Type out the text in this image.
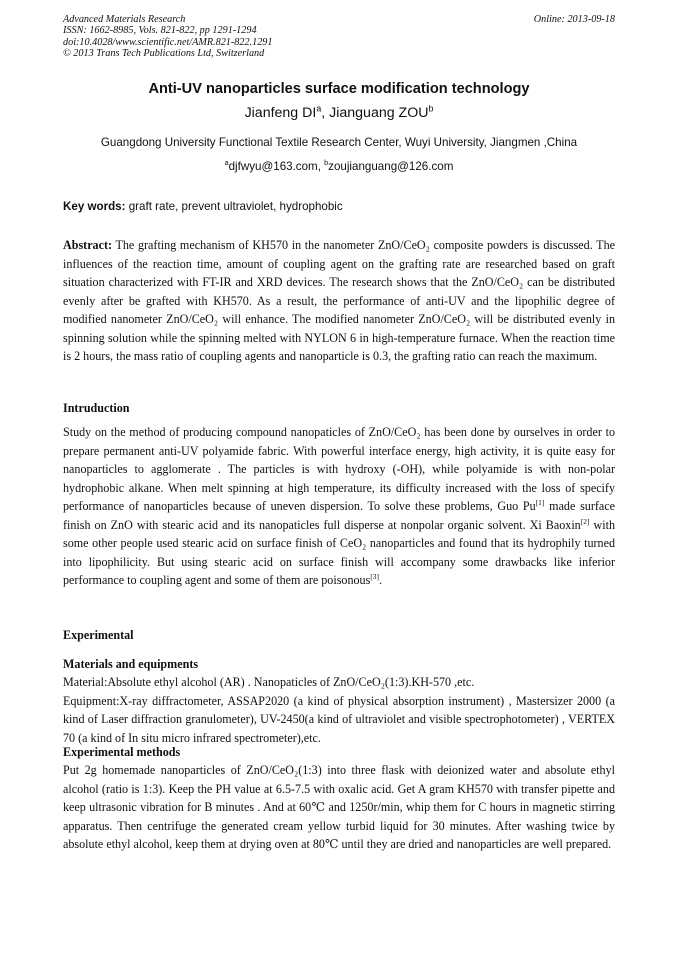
Advanced Materials Research
ISSN: 1662-8985, Vols. 821-822, pp 1291-1294
doi:10.4028/www.scientific.net/AMR.821-822.1291
© 2013 Trans Tech Publications Ltd, Switzerland
Online: 2013-09-18
Anti-UV nanoparticles surface modification technology
Jianfeng $DI^a$, Jianguang ZOU$^b$
Guangdong University Functional Textile Research Center, Wuyi University, Jiangmen ,China
$^a$djfwyu@163.com, $^b$zoujianguang@126.com
Key words: graft rate, prevent ultraviolet, hydrophobic

Abstract: The grafting mechanism of KH570 in the nanometer ZnO/CeO₂ composite powders is discussed. The influences of the reaction time, amount of coupling agent on the grafting rate are researched based on graft situation characterized with FT-IR and XRD devices. The research shows that the ZnO/CeO₂ can be distributed evenly after be grafted with KH570. As a result, the performance of anti-UV and the lipophilic degree of modified nanometer ZnO/CeO₂ will enhance. The modified nanometer ZnO/CeO₂ will be distributed evenly in spinning solution while the spinning melted with NYLON 6 in high-temperature furnace. When the reaction time is 2 hours, the mass ratio of coupling agents and nanoparticle is 0.3, the grafting ratio can reach the maximum.

Intruduction

Study on the method of producing compound nanopaticles of ZnO/CeO₂ has been done by ourselves in order to prepare permanent anti-UV polyamide fabric. With powerful interface energy, high activity, it is quite easy for nanoparticles to agglomerate . The particles is with hydroxy (-OH), while polyamide is with non-polar hydrophobic alkane. When melt spinning at high temperature, its difficulty increased with the loss of specify performance of nanoparticles because of uneven dispersion. To solve these problems, Guo Pu[1] made surface finish on ZnO with stearic acid and its nanopaticles full disperse at nonpolar organic solvent. Xi Baoxin[2] with some other people used stearic acid on surface finish of CeO₂ nanoparticles and found that its hydrophily turned into lipophilicity. But using stearic acid on surface finish will accompany some drawbacks like inferior performance to coupling agent and some of them are poisonous[3].

Experimental
Materials and equipments

Material:Absolute ethyl alcohol (AR) . Nanopaticles of ZnO/CeO₂(1:3).KH-570 ,etc.

Equipment:X-ray diffractometer, ASSAP2020 (a kind of physical absorption instrument) , Mastersizer 2000 (a kind of Laser diffraction granulometer), UV-2450(a kind of ultraviolet and visible spectrophotometer) , VERTEX 70 (a kind of In situ micro infrared spectrometer),etc.

Experimental methods

Put 2g homemade nanoparticles of ZnO/CeO₂(1:3) into three flask with deionized water and absolute ethyl alcohol (ratio is 1:3). Keep the PH value at 6.5-7.5 with oxalic acid. Get A gram KH570 with transfer pipette and keep ultrasonic vibration for B minutes . And at 60℃ and 1250r/min, whip them for C hours in magnetic stirring apparatus. Then centrifuge the generated cream yellow turbid liquid for 30 minutes. After washing twice by absolute ethyl alcohol, keep them at drying oven at 80℃ until they are dried and nanoparticles are well prepared.
